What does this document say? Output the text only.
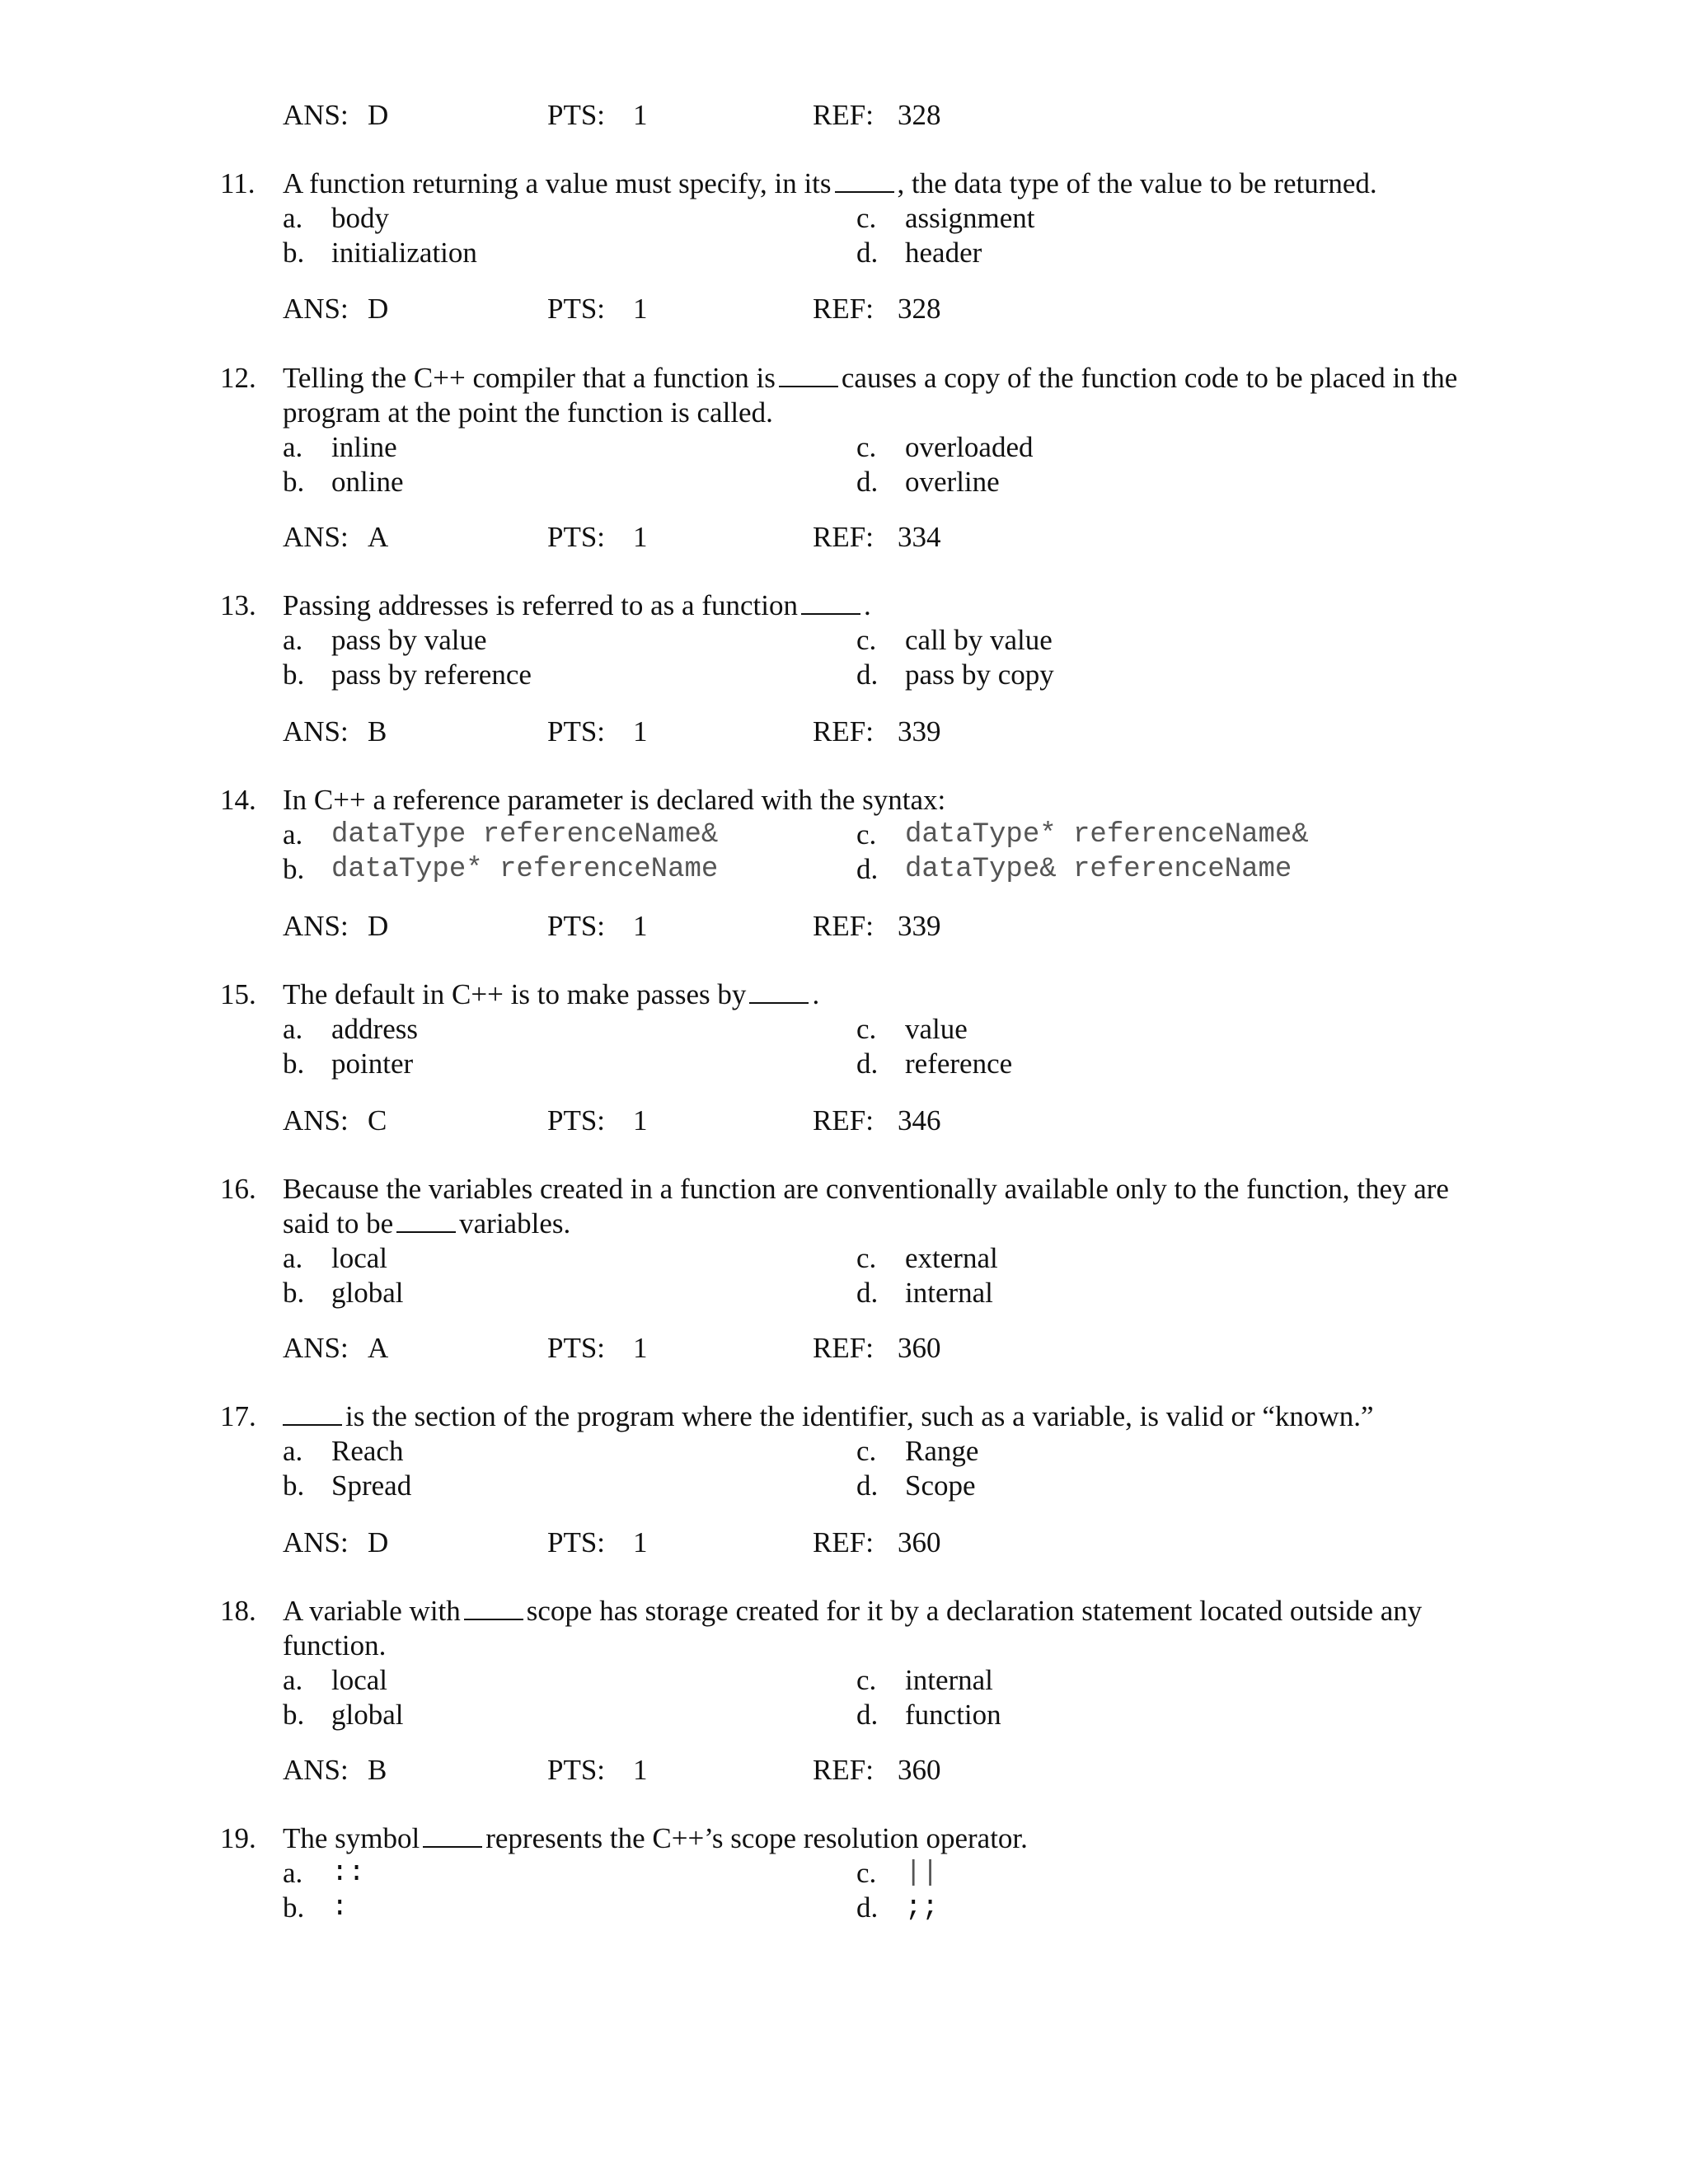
ANS: D	PTS: 1	REF: 328
11. A function returning a value must specify, in its , the data type of the value to be returned.
a. body
b. initialization
c. assignment
d. header
ANS: D	PTS: 1	REF: 328
12. Telling the C++ compiler that a function is causes a copy of the function code to be placed in the program at the point the function is called.
a. inline
b. online
c. overloaded
d. overline
ANS: A	PTS: 1	REF: 334
13. Passing addresses is referred to as a function .
a. pass by value
b. pass by reference
c. call by value
d. pass by copy
ANS: B	PTS: 1	REF: 339
14. In C++ a reference parameter is declared with the syntax:
a. dataType referenceName&
b. dataType* referenceName
c. dataType* referenceName&
d. dataType& referenceName
ANS: D	PTS: 1	REF: 339
15. The default in C++ is to make passes by .
a. address
b. pointer
c. value
d. reference
ANS: C	PTS: 1	REF: 346
16. Because the variables created in a function are conventionally available only to the function, they are said to be variables.
a. local
b. global
c. external
d. internal
ANS: A	PTS: 1	REF: 360
17.	is the section of the program where the identifier, such as a variable, is valid or “known.”
a. Reach
b. Spread
c. Range
d. Scope
ANS: D	PTS: 1	REF: 360
18. A variable with scope has storage created for it by a declaration statement located outside any function.
a. local
b. global
c. internal
d. function
ANS: B	PTS: 1	REF: 360
19. The symbol represents the C++’s scope resolution operator.
a. ::
b. :
c. ||
d. ;;
